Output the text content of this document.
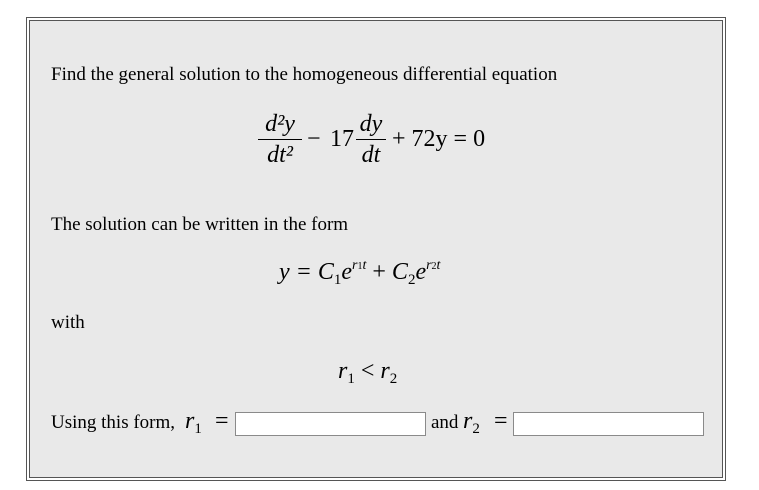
Find the general solution to the homogeneous differential equation
d²y
dt²
− 17
dy
dt
+ 72y = 0
The solution can be written in the form
$y = C_1e^{r1t} + C_2e^{r2t}$
with
$r_1 < r_2$
Using this form, $r_1$ =	and $r_2$ =
